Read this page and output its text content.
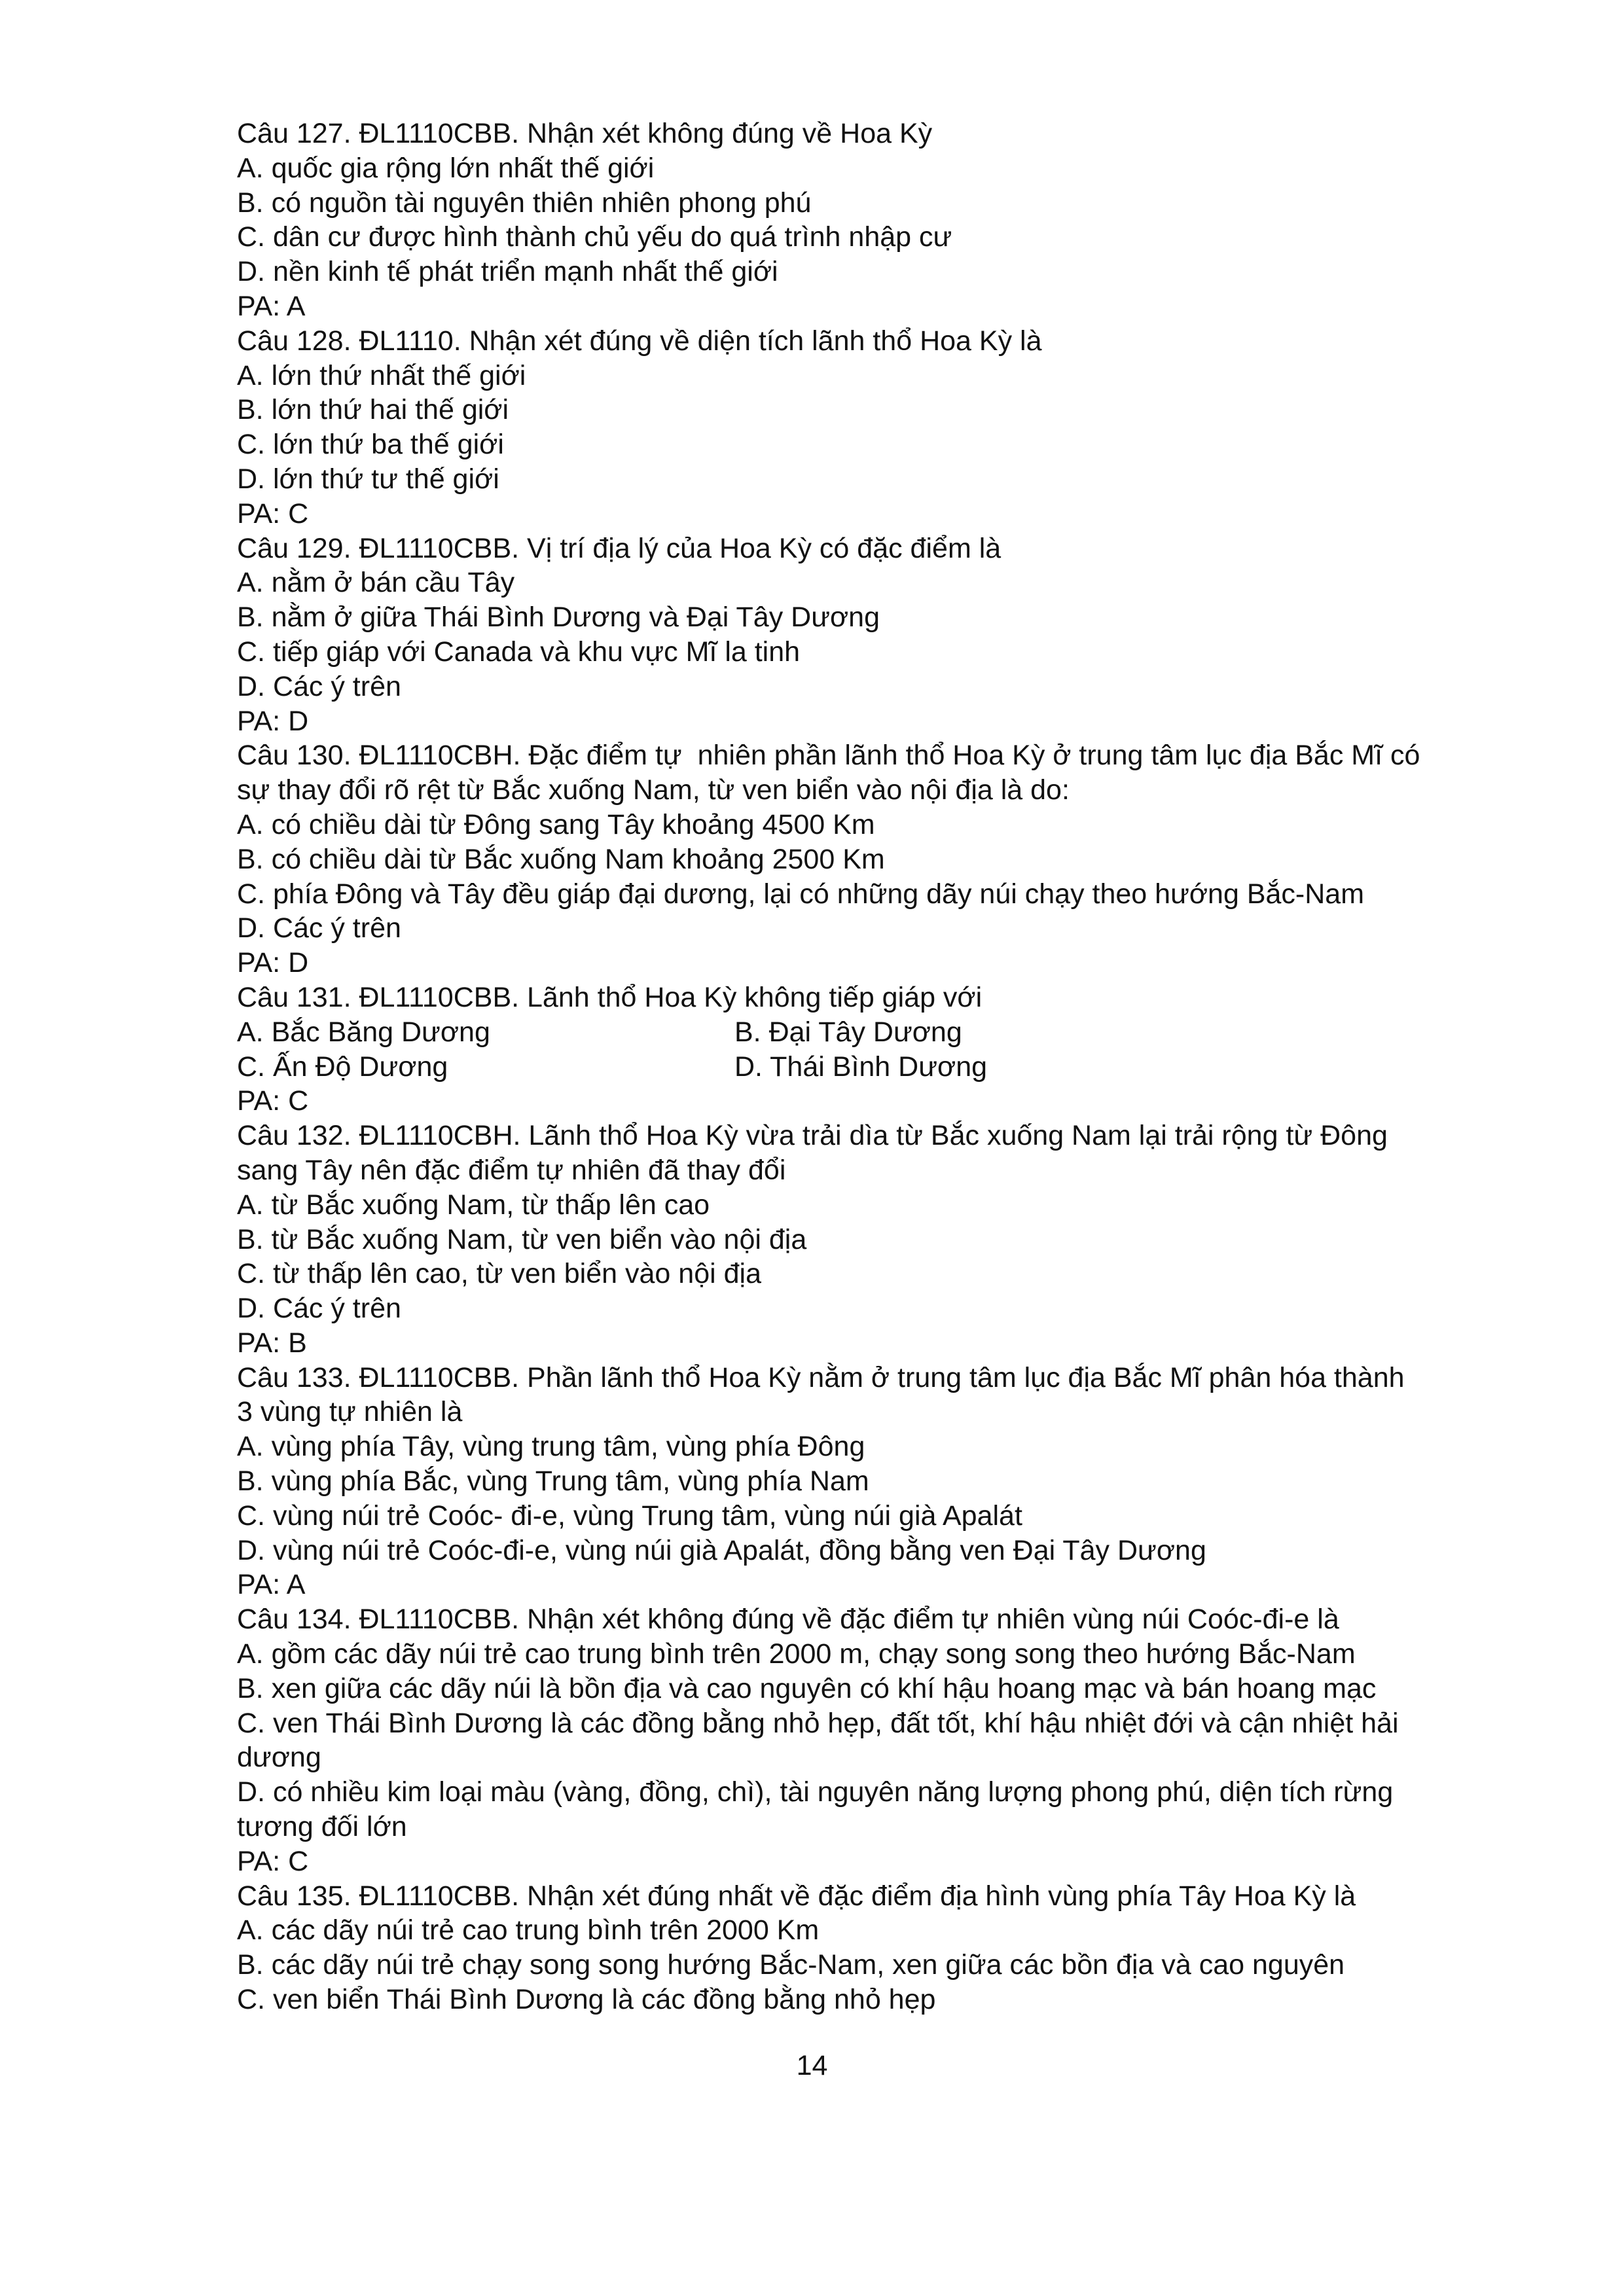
Câu 127. ĐL1110CBB. Nhận xét không đúng về Hoa Kỳ
A. quốc gia rộng lớn nhất thế giới
B. có nguồn tài nguyên thiên nhiên phong phú
C. dân cư được hình thành chủ yếu do quá trình nhập cư
D. nền kinh tế phát triển mạnh nhất thế giới
PA: A
Câu 128. ĐL1110. Nhận xét đúng về diện tích lãnh thổ Hoa Kỳ là
A. lớn thứ nhất thế giới
B. lớn thứ hai thế giới
C. lớn thứ ba thế giới
D. lớn thứ tư thế giới
PA: C
Câu 129. ĐL1110CBB. Vị trí địa lý của Hoa Kỳ có đặc điểm là
A. nằm ở bán cầu Tây
B. nằm ở giữa Thái Bình Dương và Đại Tây Dương
C. tiếp giáp với Canada và khu vực Mĩ la tinh
D. Các ý trên
PA: D
Câu 130. ĐL1110CBH. Đặc điểm tự  nhiên phần lãnh thổ Hoa Kỳ ở trung tâm lục địa Bắc Mĩ có
sự thay đổi rõ rệt từ Bắc xuống Nam, từ ven biển vào nội địa là do:
A. có chiều dài từ Đông sang Tây khoảng 4500 Km
B. có chiều dài từ Bắc xuống Nam khoảng 2500 Km
C. phía Đông và Tây đều giáp đại dương, lại có những dãy núi chạy theo hướng Bắc-Nam
D. Các ý trên
PA: D
Câu 131. ĐL1110CBB. Lãnh thổ Hoa Kỳ không tiếp giáp với
A. Bắc Băng Dương	B. Đại Tây Dương
C. Ấn Độ Dương	D. Thái Bình Dương
PA: C
Câu 132. ĐL1110CBH. Lãnh thổ Hoa Kỳ vừa trải dìa từ Bắc xuống Nam lại trải rộng từ Đông
sang Tây nên đặc điểm tự nhiên đã thay đổi
A. từ Bắc xuống Nam, từ thấp lên cao
B. từ Bắc xuống Nam, từ ven biển vào nội địa
C. từ thấp lên cao, từ ven biển vào nội địa
D. Các ý trên
PA: B
Câu 133. ĐL1110CBB. Phần lãnh thổ Hoa Kỳ nằm ở trung tâm lục địa Bắc Mĩ phân hóa thành
3 vùng tự nhiên là
A. vùng phía Tây, vùng trung tâm, vùng phía Đông
B. vùng phía Bắc, vùng Trung tâm, vùng phía Nam
C. vùng núi trẻ Coóc- đi-e, vùng Trung tâm, vùng núi già Apalát
D. vùng núi trẻ Coóc-đi-e, vùng núi già Apalát, đồng bằng ven Đại Tây Dương
PA: A
Câu 134. ĐL1110CBB. Nhận xét không đúng về đặc điểm tự nhiên vùng núi Coóc-đi-e là
A. gồm các dãy núi trẻ cao trung bình trên 2000 m, chạy song song theo hướng Bắc-Nam
B. xen giữa các dãy núi là bồn địa và cao nguyên có khí hậu hoang mạc và bán hoang mạc
C. ven Thái Bình Dương là các đồng bằng nhỏ hẹp, đất tốt, khí hậu nhiệt đới và cận nhiệt hải
dương
D. có nhiều kim loại màu (vàng, đồng, chì), tài nguyên năng lượng phong phú, diện tích rừng
tương đối lớn
PA: C
Câu 135. ĐL1110CBB. Nhận xét đúng nhất về đặc điểm địa hình vùng phía Tây Hoa Kỳ là
A. các dãy núi trẻ cao trung bình trên 2000 Km
B. các dãy núi trẻ chạy song song hướng Bắc-Nam, xen giữa các bồn địa và cao nguyên
C. ven biển Thái Bình Dương là các đồng bằng nhỏ hẹp
14
